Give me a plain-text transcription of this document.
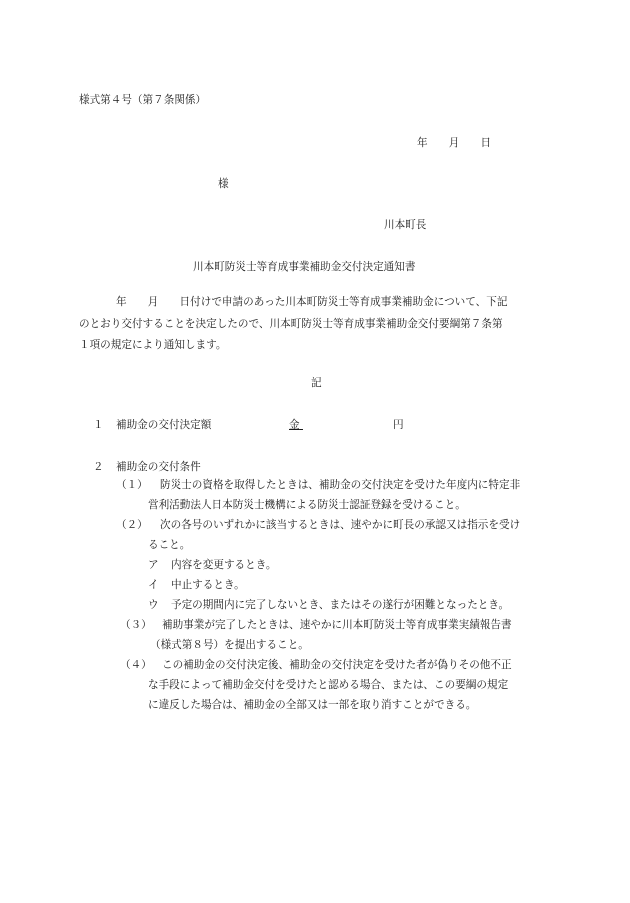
様式第４号（第７条関係）
年　　月　　日
様
川本町長
川本町防災士等育成事業補助金交付決定通知書
年　　月　　日付けで申請のあった川本町防災士等育成事業補助金について、下記
のとおり交付することを決定したので、川本町防災士等育成事業補助金交付要綱第７条第
１項の規定により通知します。
記
１ 補助金の交付決定額	金	円
２ 補助金の交付条件
（１） 防災士の資格を取得したときは、補助金の交付決定を受けた年度内に特定非
営利活動法人日本防災士機構による防災士認証登録を受けること。
（２） 次の各号のいずれかに該当するときは、速やかに町長の承認又は指示を受け
ること。
ア 内容を変更するとき。
イ 中止するとき。
ウ 予定の期間内に完了しないとき、またはその遂行が困難となったとき。
（３） 補助事業が完了したときは、速やかに川本町防災士等育成事業実績報告書
（様式第８号）を提出すること。
（４） この補助金の交付決定後、補助金の交付決定を受けた者が偽りその他不正
な手段によって補助金交付を受けたと認める場合、または、この要綱の規定
に違反した場合は、補助金の全部又は一部を取り消すことができる。
